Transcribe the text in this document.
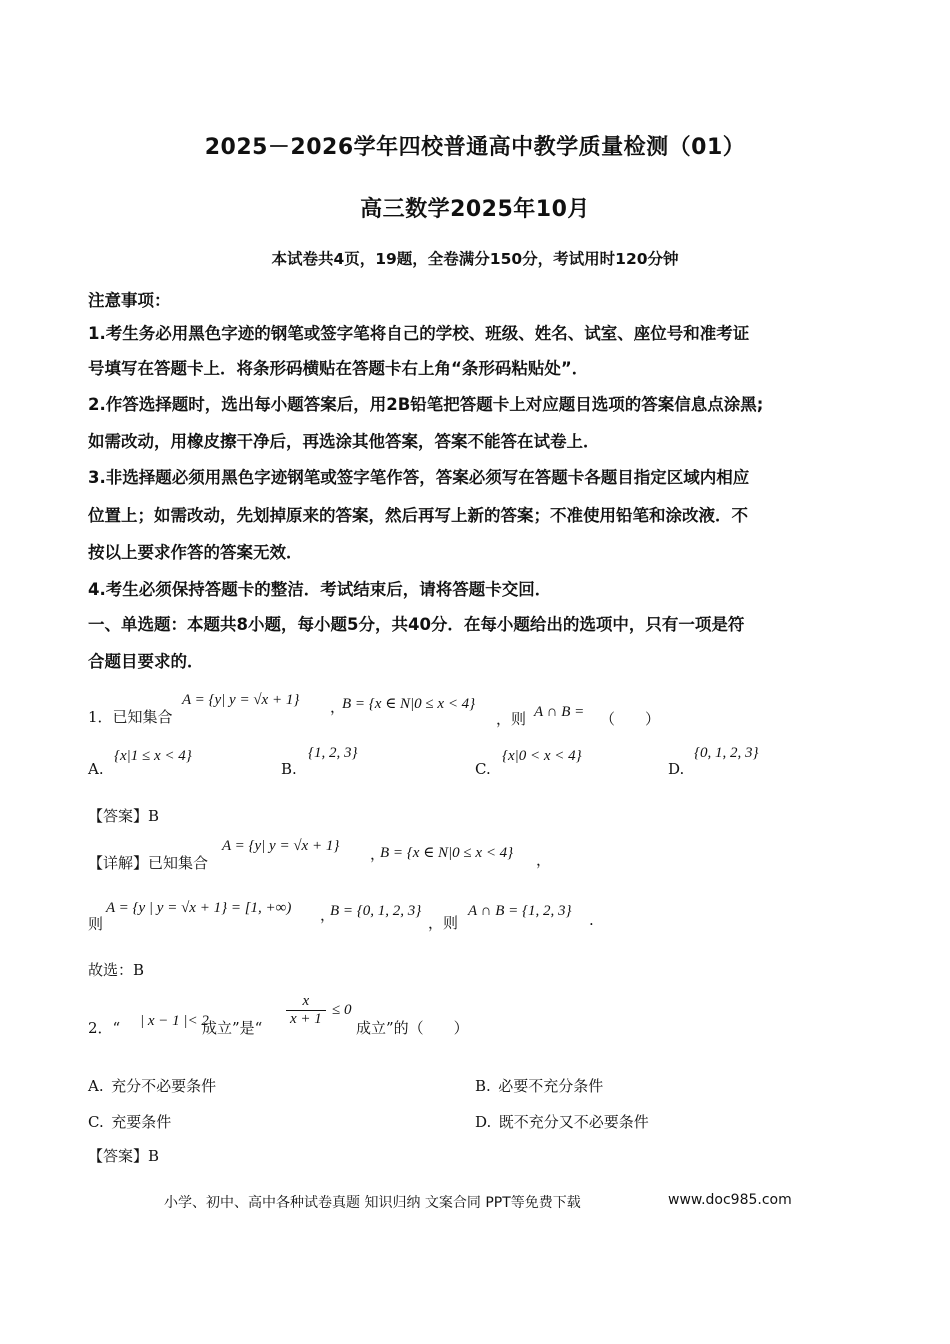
2025－2026学年四校普通高中教学质量检测（01）
高三数学2025年10月
本试卷共4页，19题，全卷满分150分，考试用时120分钟
注意事项：
1.考生务必用黑色字迹的钢笔或签字笔将自己的学校、班级、姓名、试室、座位号和准考证
号填写在答题卡上．将条形码横贴在答题卡右上角“条形码粘贴处”．
2.作答选择题时，选出每小题答案后，用2B铅笔把答题卡上对应题目选项的答案信息点涂黑;
如需改动，用橡皮擦干净后，再选涂其他答案，答案不能答在试卷上．
3.非选择题必须用黑色字迹钢笔或签字笔作答，答案必须写在答题卡各题目指定区域内相应
位置上；如需改动，先划掉原来的答案，然后再写上新的答案；不准使用铅笔和涂改液．不
按以上要求作答的答案无效．
4.考生必须保持答题卡的整洁．考试结束后，请将答题卡交回．
一、单选题：本题共8小题，每小题5分，共40分．在每小题给出的选项中，只有一项是符
合题目要求的．
1．已知集合
A = {y| y = √x + 1} ，
B = {x ∈ N|0 ≤ x < 4}
，则 A ∩ B = （　　）
A.
{x|1 ≤ x < 4}
B.
{1, 2, 3}
C.
{x|0 < x < 4}
D.
{0, 1, 2, 3}
【答案】B
【详解】已知集合
A = {y| y = √x + 1} ，
B = {x ∈ N|0 ≤ x < 4} ，
则
A = {y | y = √x + 1} = [1, +∞) ，
B = {0, 1, 2, 3}
，则
A ∩ B = {1, 2, 3} .
故选：B
2．“ | x − 1 |< 2
成立”是“ $\frac{x}{x + 1} \le 0$
成立”的（　　）
A.  充分不必要条件	B.  必要不充分条件
C.  充要条件	D.  既不充分又不必要条件
【答案】B
小学、初中、高中各种试卷真题 知识归纳 文案合同 PPT等免费下载	www.doc985.com
